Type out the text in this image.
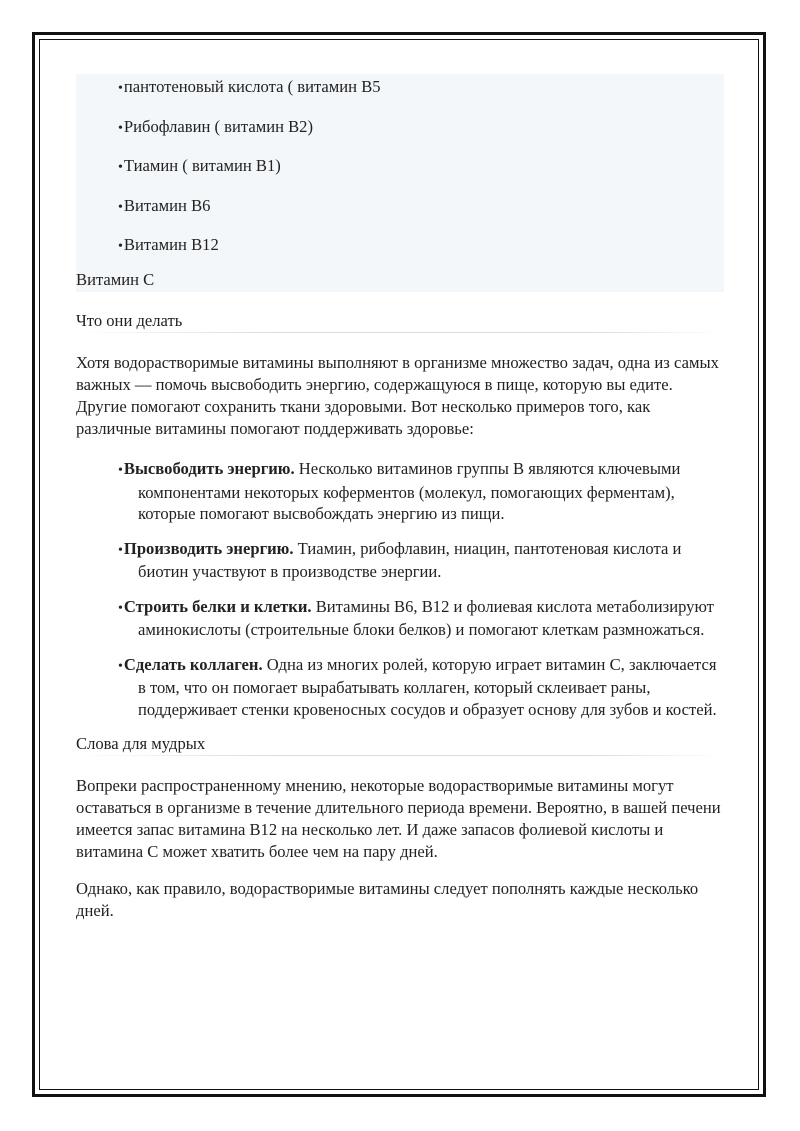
•пантотеновый кислота ( витамин B5
•Рибофлавин ( витамин B2)
•Тиамин ( витамин B1)
•Витамин B6
•Витамин B12

Витамин С

Что они делать

Хотя водорастворимые витамины выполняют в организме множество задач, одна из самых важных — помочь высвободить энергию, содержащуюся в пище, которую вы едите. Другие помогают сохранить ткани здоровыми. Вот несколько примеров того, как различные витамины помогают поддерживать здоровье:

•Высвободить энергию. Несколько витаминов группы B являются ключевыми компонентами некоторых коферментов (молекул, помогающих ферментам), которые помогают высвобождать энергию из пищи.
•Производить энергию. Тиамин, рибофлавин, ниацин, пантотеновая кислота и биотин участвуют в производстве энергии.
•Строить белки и клетки. Витамины B6, B12 и фолиевая кислота метаболизируют аминокислоты (строительные блоки белков) и помогают клеткам размножаться.
•Сделать коллаген. Одна из многих ролей, которую играет витамин C, заключается в том, что он помогает вырабатывать коллаген, который склеивает раны, поддерживает стенки кровеносных сосудов и образует основу для зубов и костей.

Слова для мудрых

Вопреки распространенному мнению, некоторые водорастворимые витамины могут оставаться в организме в течение длительного периода времени. Вероятно, в вашей печени имеется запас витамина B12 на несколько лет. И даже запасов фолиевой кислоты и витамина C может хватить более чем на пару дней.

Однако, как правило, водорастворимые витамины следует пополнять каждые несколько дней.
